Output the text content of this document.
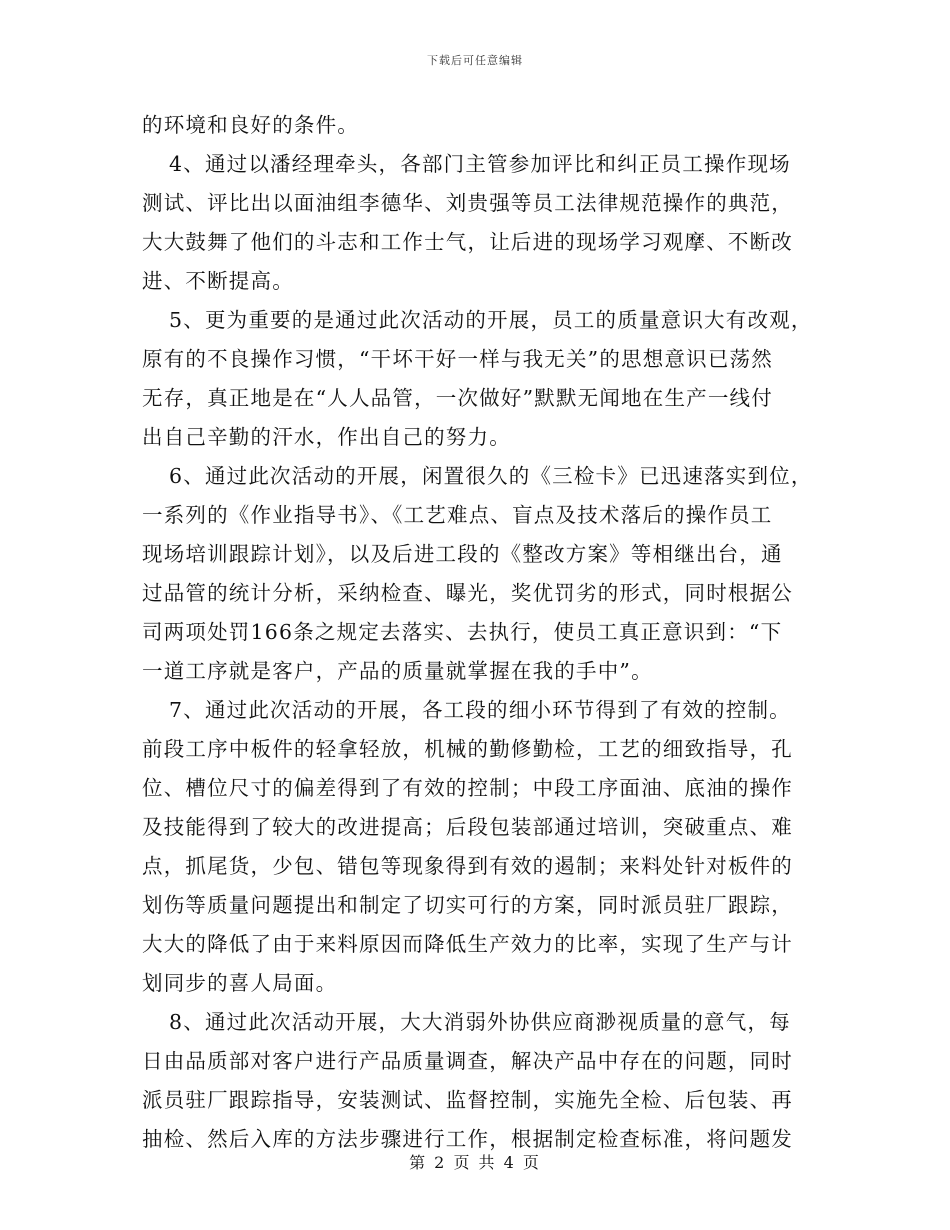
下载后可任意编辑
的环境和良好的条件。
4、通过以潘经理牵头，各部门主管参加评比和纠正员工操作现场
测试、评比出以面油组李德华、刘贵强等员工法律规范操作的典范，
大大鼓舞了他们的斗志和工作士气，让后进的现场学习观摩、不断改
进、不断提高。
5、更为重要的是通过此次活动的开展，员工的质量意识大有改观，
原有的不良操作习惯，“干坏干好一样与我无关”的思想意识已荡然
无存，真正地是在“人人品管，一次做好”默默无闻地在生产一线付
出自己辛勤的汗水，作出自己的努力。
6、通过此次活动的开展，闲置很久的《三检卡》已迅速落实到位，
一系列的《作业指导书》、《工艺难点、盲点及技术落后的操作员工
现场培训跟踪计划》，以及后进工段的《整改方案》等相继出台，通
过品管的统计分析，采纳检查、曝光，奖优罚劣的形式，同时根据公
司两项处罚166条之规定去落实、去执行，使员工真正意识到：“下
一道工序就是客户，产品的质量就掌握在我的手中”。
7、通过此次活动的开展，各工段的细小环节得到了有效的控制。
前段工序中板件的轻拿轻放，机械的勤修勤检，工艺的细致指导，孔
位、槽位尺寸的偏差得到了有效的控制；中段工序面油、底油的操作
及技能得到了较大的改进提高；后段包装部通过培训，突破重点、难
点，抓尾货，少包、错包等现象得到有效的遏制；来料处针对板件的
划伤等质量问题提出和制定了切实可行的方案，同时派员驻厂跟踪，
大大的降低了由于来料原因而降低生产效力的比率，实现了生产与计
划同步的喜人局面。
8、通过此次活动开展，大大消弱外协供应商渺视质量的意气，每
日由品质部对客户进行产品质量调查，解决产品中存在的问题，同时
派员驻厂跟踪指导，安装测试、监督控制，实施先全检、后包装、再
抽检、然后入库的方法步骤进行工作，根据制定检查标准，将问题发
第 2 页 共 4 页
